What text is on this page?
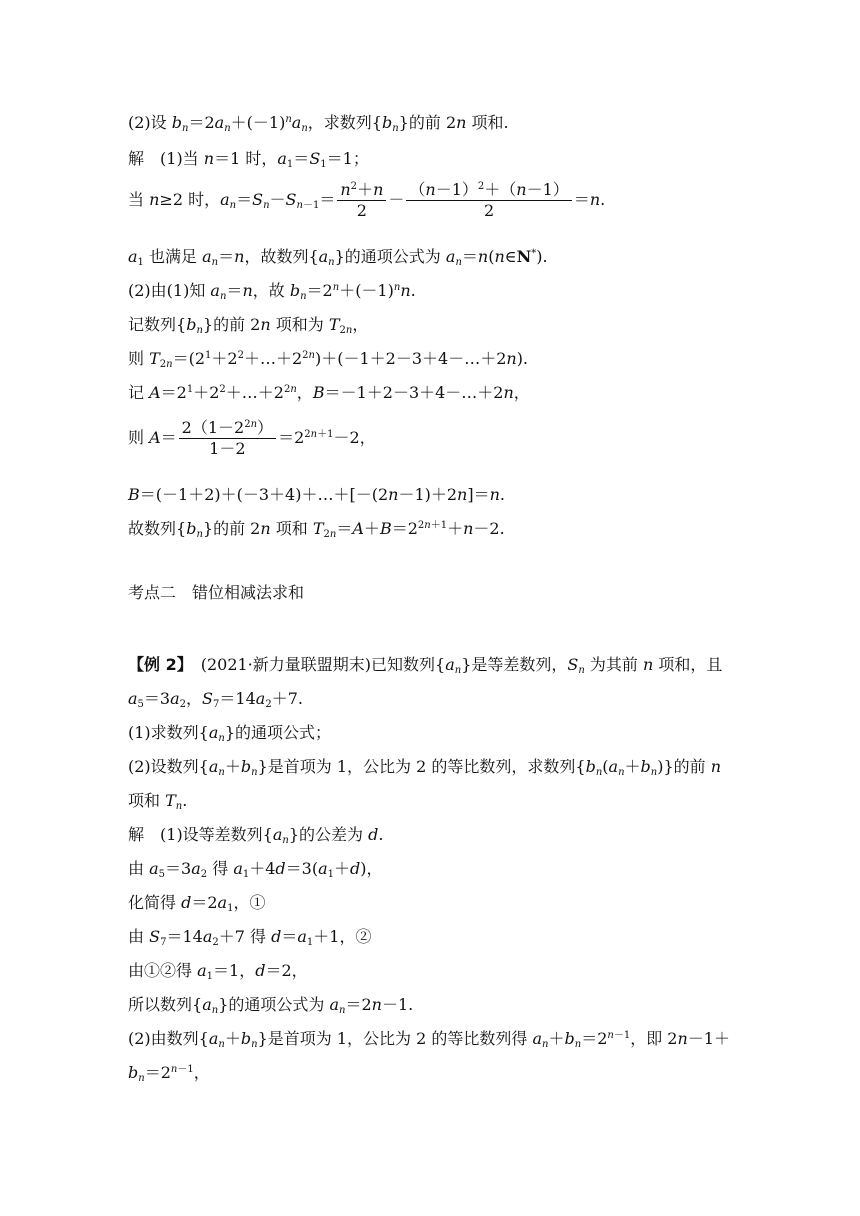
(2)设 $b_n=2a_n+(-1)^na_n$，求数列$\{b_n\}$的前 2n 项和.
解　(1)当 n＝1 时，$a_1=S_1=1$；
当 n≥2 时，$a_n=S_n-S_{n-1}= \frac{n^2+n}{2} - \frac{(n-1)^2+(n-1)}{2} =n$.
$a_1$ 也满足 $a_n=n$，故数列$\{a_n\}$的通项公式为 $a_n=n(n\in N^*)$.
(2)由(1)知 $a_n=n$，故 $b_n=2^n+(-1)^nn$.
记数列$\{b_n\}$的前 2n 项和为 $T_{2n}$，
则 $T_{2n}=(2^1+2^2+\dots+2^{2n})+(-1+2-3+4-\dots+2n)$.
记 $A=2^1+2^2+\dots+2^{2n}$，B＝－1＋2－3＋4－…＋2n，
则 $A= \frac{2(1-2^{2n})}{1-2} =2^{2n+1}-2$，
B＝(－1＋2)＋(－3＋4)＋…＋[－(2n－1)＋2n]＝n.
故数列$\{b_n\}$的前 2n 项和 $T_{2n}=A+B=2^{2n+1}+n-2$.
考点二　错位相减法求和
【例 2】　(2021·新力量联盟期末)已知数列$\{a_n\}$是等差数列，$S_n$ 为其前 n 项和，且
$a_5=3a_2$，$S_7=14a_2+7$.
(1)求数列$\{a_n\}$的通项公式；
(2)设数列$\{a_n+b_n\}$是首项为 1，公比为 2 的等比数列，求数列$\{b_n(a_n+b_n)\}$的前 n
项和 $T_n$.
解　(1)设等差数列$\{a_n\}$的公差为 d.
由 $a_5=3a_2$ 得 $a_1+4d=3(a_1+d)$，
化简得 $d=2a_1$，①
由 $S_7=14a_2+7$ 得 $d=a_1+1$，②
由①②得 $a_1=1$，d＝2，
所以数列$\{a_n\}$的通项公式为 $a_n=2n-1$.
(2)由数列$\{a_n+b_n\}$是首项为 1，公比为 2 的等比数列得 $a_n+b_n=2^{n-1}$，即 2n－1＋
$b_n=2^{n-1}$，
